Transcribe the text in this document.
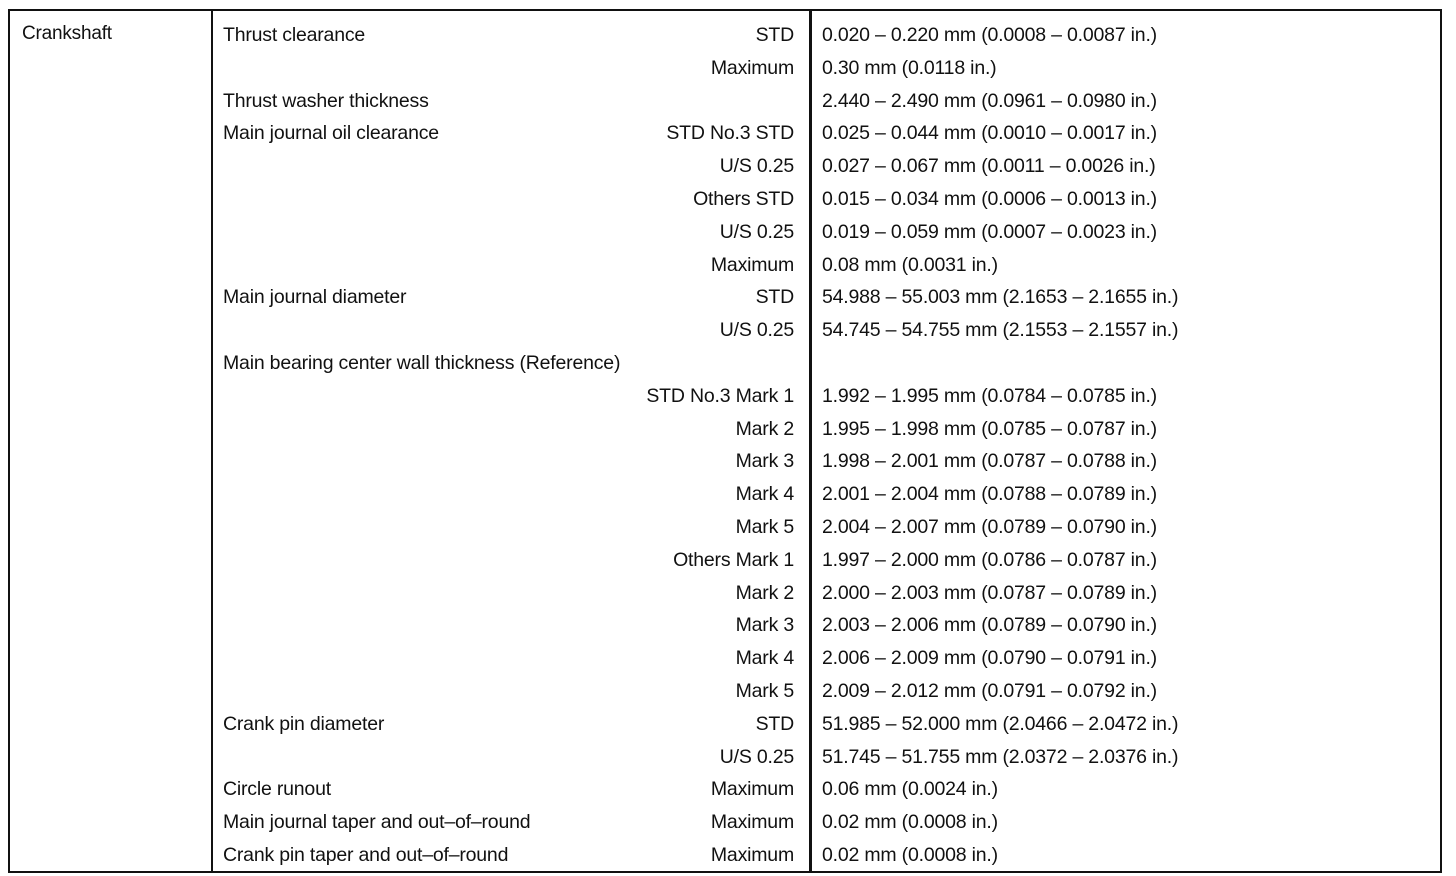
Crankshaft	Thrust clearance	STD 0.020 – 0.220 mm (0.0008 – 0.0087 in.)
Maximum 0.30 mm (0.0118 in.)
Thrust washer thickness	2.440 – 2.490 mm (0.0961 – 0.0980 in.)
Main journal oil clearance	STD No.3 STD 0.025 – 0.044 mm (0.0010 – 0.0017 in.)
U/S 0.25 0.027 – 0.067 mm (0.0011 – 0.0026 in.)
Others STD 0.015 – 0.034 mm (0.0006 – 0.0013 in.)
U/S 0.25 0.019 – 0.059 mm (0.0007 – 0.0023 in.)
Maximum 0.08 mm (0.0031 in.)
Main journal diameter	STD 54.988 – 55.003 mm (2.1653 – 2.1655 in.)
U/S 0.25 54.745 – 54.755 mm (2.1553 – 2.1557 in.)
Main bearing center wall thickness (Reference)
STD No.3 Mark 1 1.992 – 1.995 mm (0.0784 – 0.0785 in.)
Mark 2 1.995 – 1.998 mm (0.0785 – 0.0787 in.)
Mark 3 1.998 – 2.001 mm (0.0787 – 0.0788 in.)
Mark 4 2.001 – 2.004 mm (0.0788 – 0.0789 in.)
Mark 5 2.004 – 2.007 mm (0.0789 – 0.0790 in.)
Others Mark 1 1.997 – 2.000 mm (0.0786 – 0.0787 in.)
Mark 2 2.000 – 2.003 mm (0.0787 – 0.0789 in.)
Mark 3 2.003 – 2.006 mm (0.0789 – 0.0790 in.)
Mark 4 2.006 – 2.009 mm (0.0790 – 0.0791 in.)
Mark 5 2.009 – 2.012 mm (0.0791 – 0.0792 in.)
Crank pin diameter	STD 51.985 – 52.000 mm (2.0466 – 2.0472 in.)
U/S 0.25 51.745 – 51.755 mm (2.0372 – 2.0376 in.)
Circle runout	Maximum 0.06 mm (0.0024 in.)
Main journal taper and out–of–round	Maximum 0.02 mm (0.0008 in.)
Crank pin taper and out–of–round	Maximum 0.02 mm (0.0008 in.)
